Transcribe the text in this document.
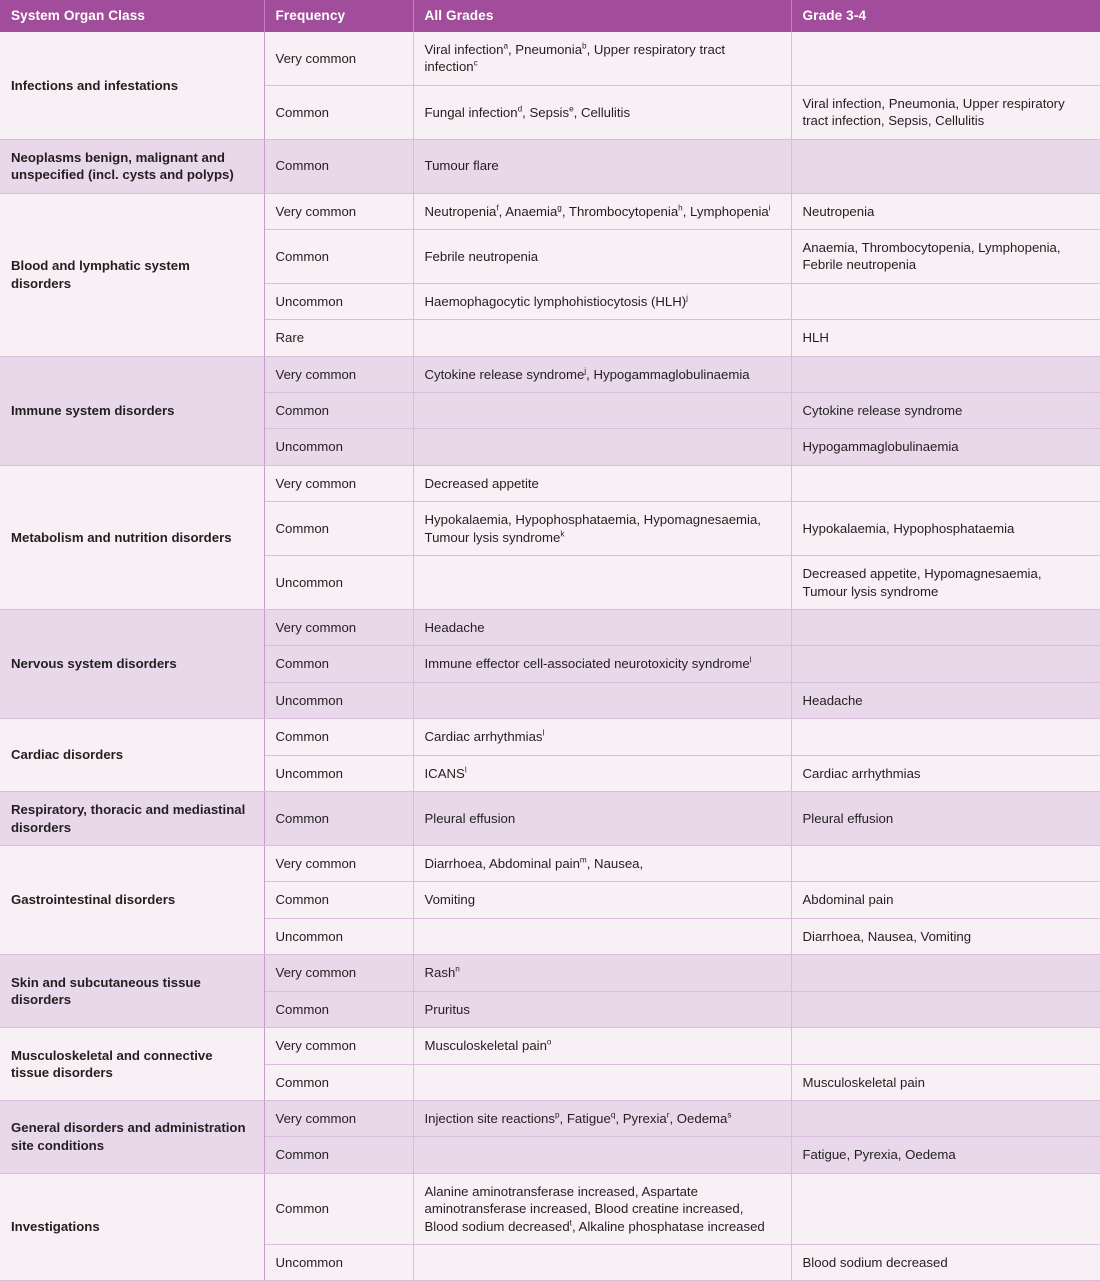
System Organ Class	Frequency	All Grades	Grade 3-4
Infections and infestations	Very common	Viral infection$^a$, Pneumonia$^b$, Upper respiratory tract infection$^c$	
	Common	Fungal infection$^d$, Sepsis$^e$, Cellulitis	Viral infection, Pneumonia, Upper respiratory tract infection, Sepsis, Cellulitis
Neoplasms benign, malignant and unspecified (incl. cysts and polyps)	Common	Tumour flare	
Blood and lymphatic system disorders	Very common	Neutropenia$^f$, Anaemia$^g$, Thrombocytopenia$^h$, Lymphopenia$^i$	Neutropenia
	Common	Febrile neutropenia	Anaemia, Thrombocytopenia, Lymphopenia, Febrile neutropenia
	Uncommon	Haemophagocytic lymphohistiocytosis (HLH)$^j$	
	Rare		HLH
Immune system disorders	Very common	Cytokine release syndrome$^j$, Hypogammaglobulinaemia	
	Common		Cytokine release syndrome
	Uncommon		Hypogammaglobulinaemia
Metabolism and nutrition disorders	Very common	Decreased appetite	
	Common	Hypokalaemia, Hypophosphataemia, Hypomagnesaemia, Tumour lysis syndrome$^k$	Hypokalaemia, Hypophosphataemia
	Uncommon		Decreased appetite, Hypomagnesaemia, Tumour lysis syndrome
Nervous system disorders	Very common	Headache	
	Common	Immune effector cell-associated neurotoxicity syndrome$^l$	
	Uncommon		Headache
Cardiac disorders	Common	Cardiac arrhythmias$^l$	
	Uncommon	ICANS$^l$	Cardiac arrhythmias
Respiratory, thoracic and mediastinal disorders	Common	Pleural effusion	Pleural effusion
Gastrointestinal disorders	Very common	Diarrhoea, Abdominal pain$^m$, Nausea,	
	Common	Vomiting	Abdominal pain
	Uncommon		Diarrhoea, Nausea, Vomiting
Skin and subcutaneous tissue disorders	Very common	Rash$^n$	
	Common	Pruritus	
Musculoskeletal and connective tissue disorders	Very common	Musculoskeletal pain$^o$	
	Common		Musculoskeletal pain
General disorders and administration site conditions	Very common	Injection site reactions$^p$, Fatigue$^q$, Pyrexia$^r$, Oedema$^s$	
	Common		Fatigue, Pyrexia, Oedema
Investigations	Common	Alanine aminotransferase increased, Aspartate aminotransferase increased, Blood creatine increased, Blood sodium decreased$^t$, Alkaline phosphatase increased	
	Uncommon		Blood sodium decreased
